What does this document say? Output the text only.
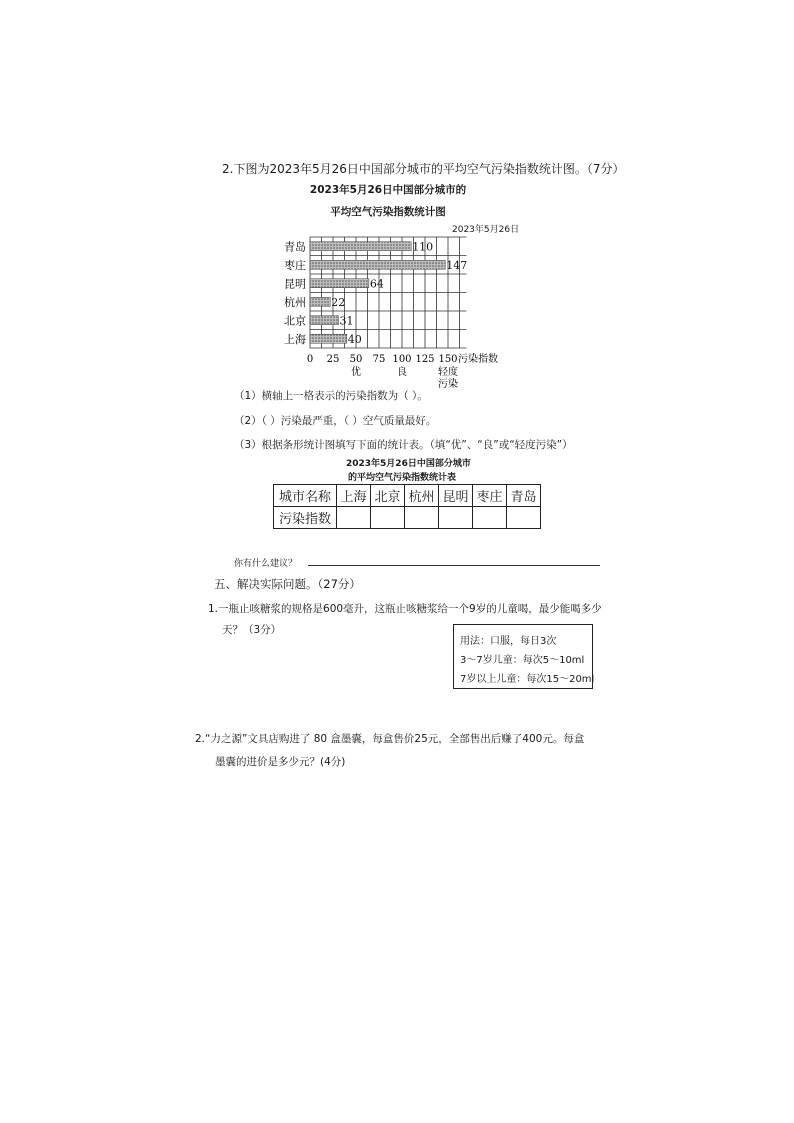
2.下图为2023年5月26日中国部分城市的平均空气污染指数统计图。（7分）
2023年5月26日中国部分城市的
平均空气污染指数统计图
2023年5月26日
青岛	110
枣庄	147
昆明	64
杭州 22
北京	31
上海	40
0 25 50 75 100 125 150 污染指数
优	良	轻度
污染
（1）横轴上一格表示的污染指数为（ ）。
（2）（ ）污染最严重，（ ）空气质量最好。
（3）根据条形统计图填写下面的统计表。（填“优”、“良”或“轻度污染”）
2023年5月26日中国部分城市
的平均空气污染指数统计表
城市名称	上海	北京	杭州	昆明	枣庄	青岛
污染指数						
你有什么建议？
五、解决实际问题。（27分）
1.一瓶止咳糖浆的规格是600毫升，这瓶止咳糖浆给一个9岁的儿童喝，最少能喝多少
天？（3分）
用法：口服，每日3次
3～7岁儿童：每次5～10ml
7岁以上儿童：每次15～20ml
2.“力之源”文具店购进了 80 盒墨囊，每盒售价25元，全部售出后赚了400元。每盒
墨囊的进价是多少元？(4分)
